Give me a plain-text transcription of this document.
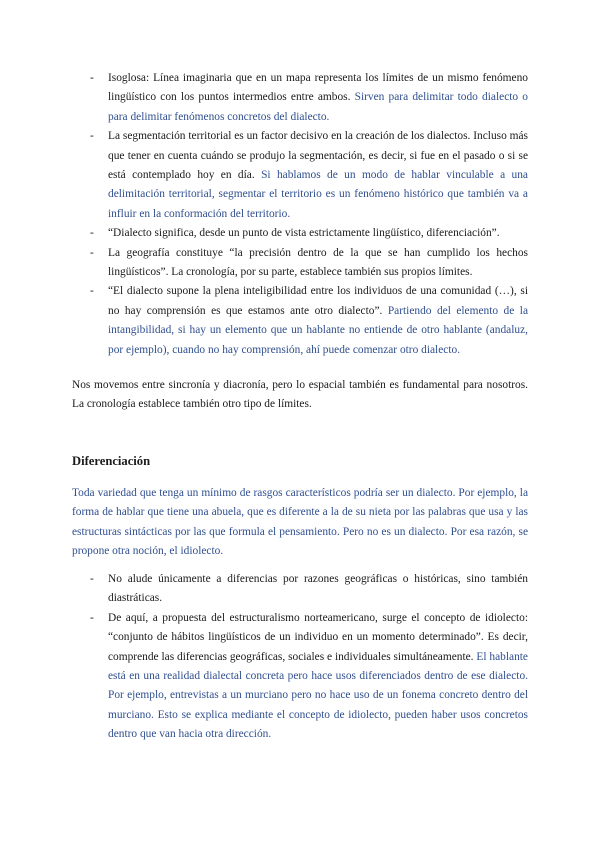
- Isoglosa: Línea imaginaria que en un mapa representa los límites de un mismo fenómeno lingüístico con los puntos intermedios entre ambos. Sirven para delimitar todo dialecto o para delimitar fenómenos concretos del dialecto.
- La segmentación territorial es un factor decisivo en la creación de los dialectos. Incluso más que tener en cuenta cuándo se produjo la segmentación, es decir, si fue en el pasado o si se está contemplado hoy en día. Si hablamos de un modo de hablar vinculable a una delimitación territorial, segmentar el territorio es un fenómeno histórico que también va a influir en la conformación del territorio.
- “Dialecto significa, desde un punto de vista estrictamente lingüístico, diferenciación”.
- La geografía constituye “la precisión dentro de la que se han cumplido los hechos lingüísticos”. La cronología, por su parte, establece también sus propios límites.
- “El dialecto supone la plena inteligibilidad entre los individuos de una comunidad (…), si no hay comprensión es que estamos ante otro dialecto”. Partiendo del elemento de la intangibilidad, si hay un elemento que un hablante no entiende de otro hablante (andaluz, por ejemplo), cuando no hay comprensión, ahí puede comenzar otro dialecto.

Nos movemos entre sincronía y diacronía, pero lo espacial también es fundamental para nosotros. La cronología establece también otro tipo de límites.

Diferenciación

Toda variedad que tenga un mínimo de rasgos característicos podría ser un dialecto. Por ejemplo, la forma de hablar que tiene una abuela, que es diferente a la de su nieta por las palabras que usa y las estructuras sintácticas por las que formula el pensamiento. Pero no es un dialecto. Por esa razón, se propone otra noción, el idiolecto.

- No alude únicamente a diferencias por razones geográficas o históricas, sino también diastráticas.
- De aquí, a propuesta del estructuralismo norteamericano, surge el concepto de idiolecto: “conjunto de hábitos lingüísticos de un individuo en un momento determinado”. Es decir, comprende las diferencias geográficas, sociales e individuales simultáneamente. El hablante está en una realidad dialectal concreta pero hace usos diferenciados dentro de ese dialecto. Por ejemplo, entrevistas a un murciano pero no hace uso de un fonema concreto dentro del murciano. Esto se explica mediante el concepto de idiolecto, pueden haber usos concretos dentro que van hacia otra dirección.
